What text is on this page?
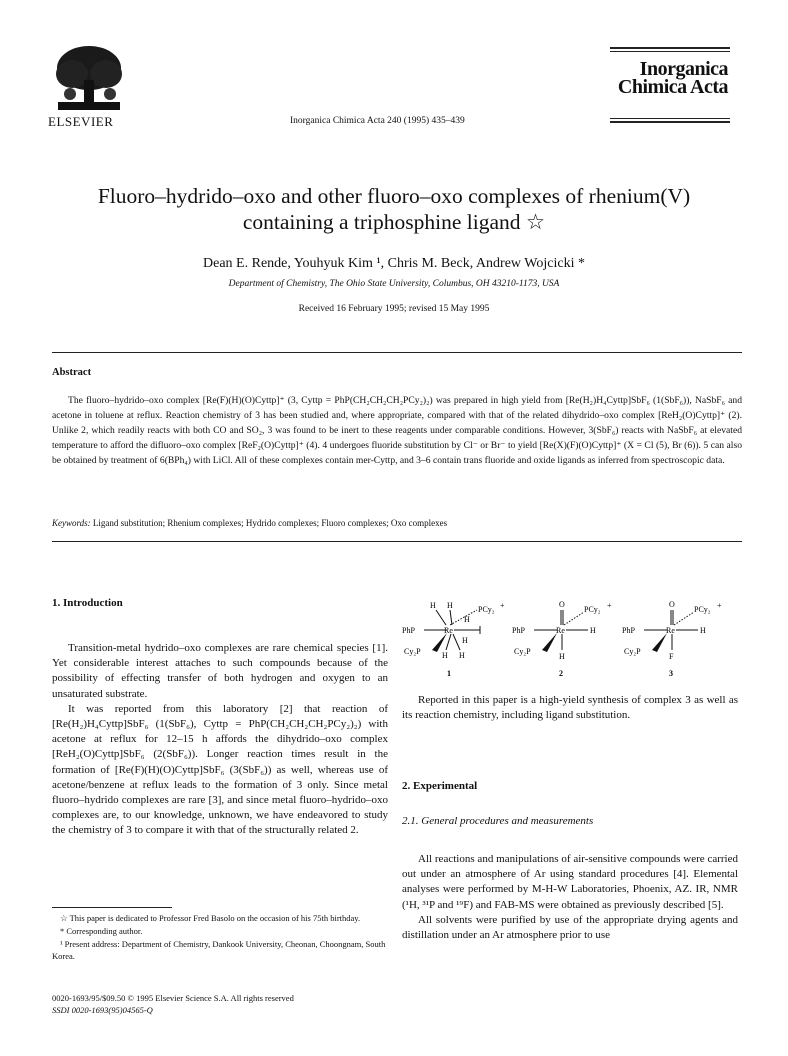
ELSEVIER	Inorganica Chimica Acta 240 (1995) 435–439
Inorganica
Chimica Acta
Fluoro–hydrido–oxo and other fluoro–oxo complexes of rhenium(V)
containing a triphosphine ligand ☆
Dean E. Rende, Youhyuk Kim ¹, Chris M. Beck, Andrew Wojcicki *
Department of Chemistry, The Ohio State University, Columbus, OH 43210-1173, USA
Received 16 February 1995; revised 15 May 1995
Abstract
The fluoro–hydrido–oxo complex [Re(F)(H)(O)Cyttp]⁺ (3, Cyttp = PhP(CH₂CH₂CH₂PCy₂)₂) was prepared in high yield from [Re(H₂)H₄Cyttp]SbF₆ (1(SbF₆)), NaSbF₆ and acetone in toluene at reflux. Reaction chemistry of 3 has been studied and, where appropriate, compared with that of the related dihydrido–oxo complex [ReH₂(O)Cyttp]⁺ (2). Unlike 2, which readily reacts with both CO and SO₂, 3 was found to be inert to these reagents under comparable conditions. However, 3(SbF₆) reacts with NaSbF₆ at elevated temperature to afford the difluoro–oxo complex [ReF₂(O)Cyttp]⁺ (4). 4 undergoes fluoride substitution by Cl⁻ or Br⁻ to yield [Re(X)(F)(O)Cyttp]⁺ (X = Cl (5), Br (6)). 5 can also be obtained by treatment of 6(BPh₄) with LiCl. All of these complexes contain mer-Cyttp, and 3–6 contain trans fluoride and oxide ligands as inferred from spectroscopic data.
Keywords: Ligand substitution; Rhenium complexes; Hydrido complexes; Fluoro complexes; Oxo complexes
1. Introduction

Transition-metal hydrido–oxo complexes are rare chemical species [1]. Yet considerable interest attaches to such compounds because of the possibility of effecting transfer of both hydrogen and oxygen to an unsaturated substrate.

It was reported from this laboratory [2] that reaction of [Re(H₂)H₄Cyttp]SbF₆ (1(SbF₆), Cyttp = PhP(CH₂CH₂CH₂PCy₂)₂) with acetone at reflux for 12–15 h affords the dihydrido–oxo complex [ReH₂(O)Cyttp]SbF₆ (2(SbF₆)). Longer reaction times result in the formation of [Re(F)(H)(O)Cyttp]SbF₆ (3(SbF₆)) as well, whereas use of acetone/benzene at reflux leads to the formation of 3 only. Since metal fluoro–hydrido complexes are rare [3], and since metal fluoro–hydrido–oxo complexes are, to our knowledge, unknown, we have endeavored to study the chemistry of 3 to compare it with that of the structurally related 2.

☆ This paper is dedicated to Professor Fred Basolo on the occasion of his 75th birthday.

* Corresponding author.

¹ Present address: Department of Chemistry, Dankook University, Cheonan, Choongnam, South Korea.

0020-1693/95/$09.50 © 1995 Elsevier Science S.A. All rights reserved
SSDI 0020-1693(95)04565-Q
H H	PCy₂ +
H
PhP	Re
H
Cy₂P	H H
1
O
PCy₂ +
PhP	Re	H
Cy₂P
H
2
O
PCy₂ +
PhP	Re	H
Cy₂P
F
3

Reported in this paper is a high-yield synthesis of complex 3 as well as its reaction chemistry, including ligand substitution.

2. Experimental
2.1. General procedures and measurements

All reactions and manipulations of air-sensitive compounds were carried out under an atmosphere of Ar using standard procedures [4]. Elemental analyses were performed by M-H-W Laboratories, Phoenix, AZ. IR, NMR (¹H, ³¹P and ¹⁹F) and FAB-MS were obtained as previously described [5].

All solvents were purified by use of the appropriate drying agents and distillation under an Ar atmosphere prior to use
